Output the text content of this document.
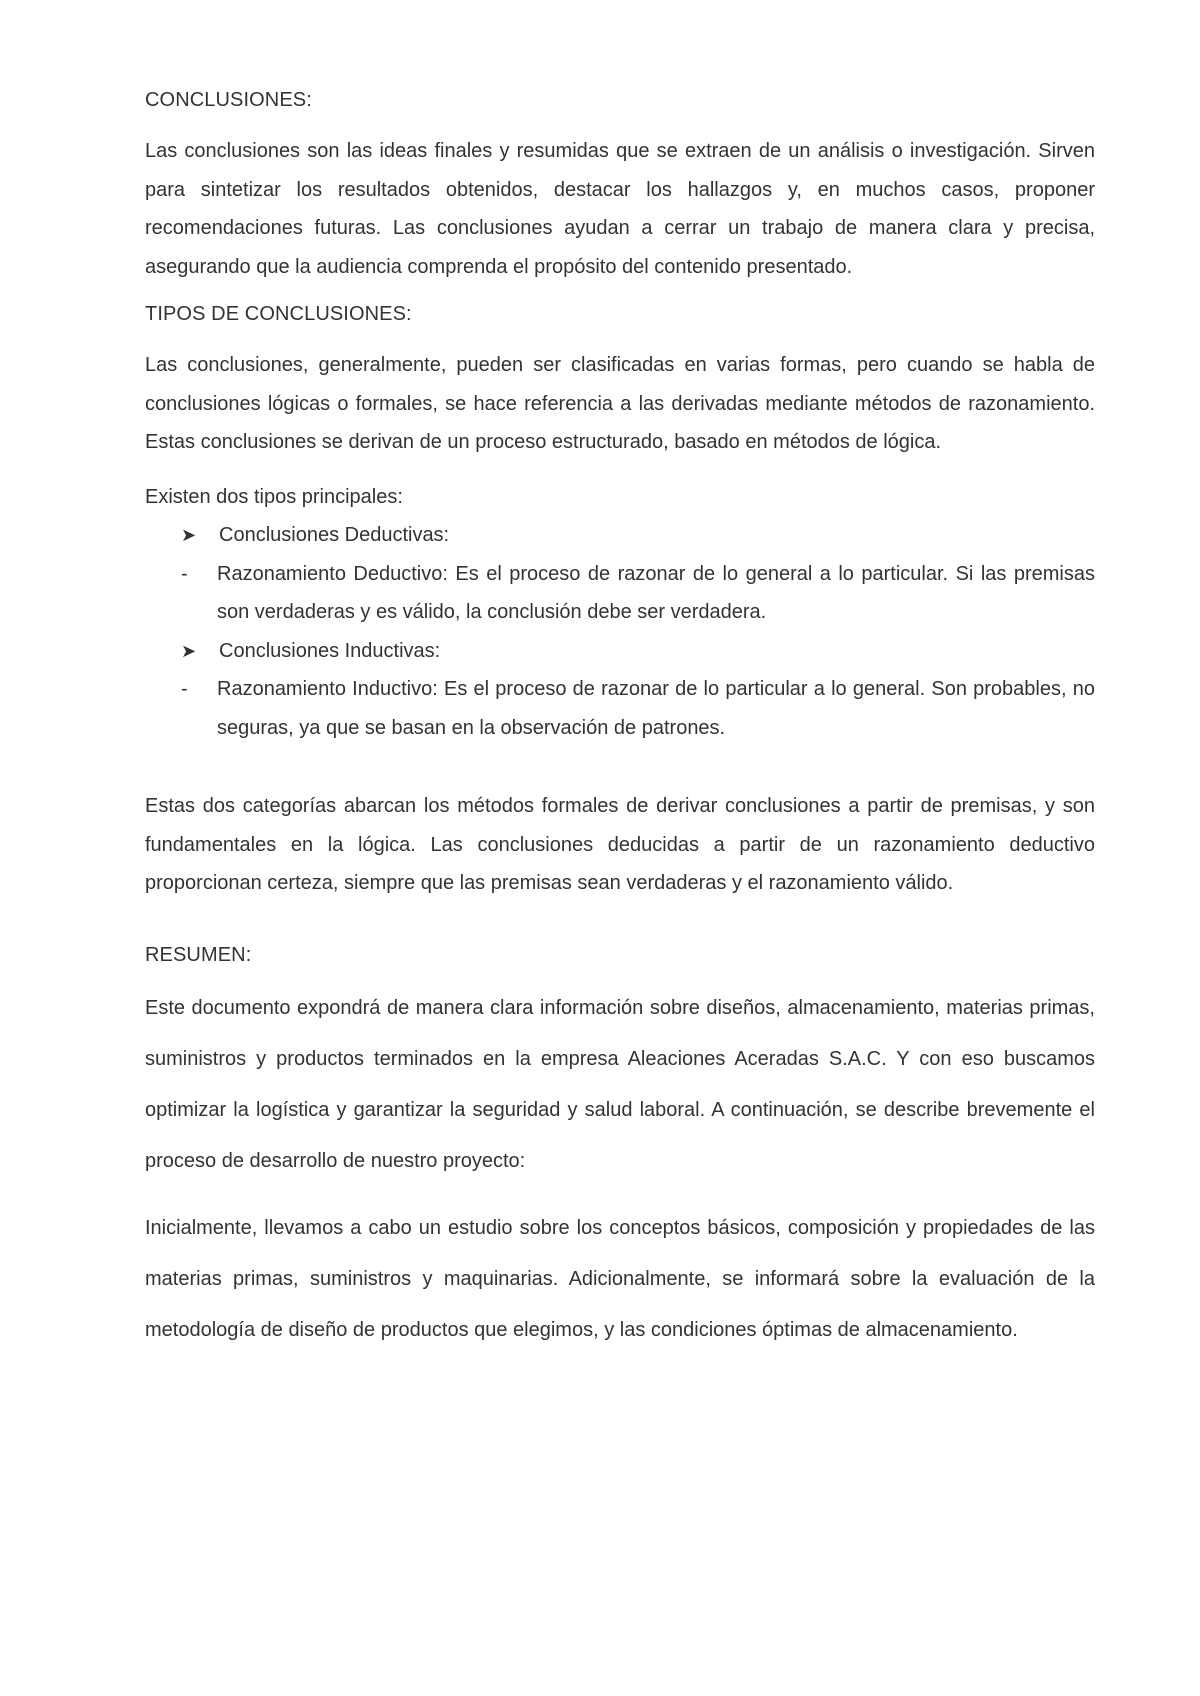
CONCLUSIONES:

Las conclusiones son las ideas finales y resumidas que se extraen de un análisis o investigación. Sirven para sintetizar los resultados obtenidos, destacar los hallazgos y, en muchos casos, proponer recomendaciones futuras. Las conclusiones ayudan a cerrar un trabajo de manera clara y precisa, asegurando que la audiencia comprenda el propósito del contenido presentado.

TIPOS DE CONCLUSIONES:

Las conclusiones, generalmente, pueden ser clasificadas en varias formas, pero cuando se habla de conclusiones lógicas o formales, se hace referencia a las derivadas mediante métodos de razonamiento. Estas conclusiones se derivan de un proceso estructurado, basado en métodos de lógica.

Existen dos tipos principales:

➤ Conclusiones Deductivas:
- Razonamiento Deductivo: Es el proceso de razonar de lo general a lo particular. Si las premisas son verdaderas y es válido, la conclusión debe ser verdadera.
➤ Conclusiones Inductivas:
- Razonamiento Inductivo: Es el proceso de razonar de lo particular a lo general. Son probables, no seguras, ya que se basan en la observación de patrones.

Estas dos categorías abarcan los métodos formales de derivar conclusiones a partir de premisas, y son fundamentales en la lógica. Las conclusiones deducidas a partir de un razonamiento deductivo proporcionan certeza, siempre que las premisas sean verdaderas y el razonamiento válido.

RESUMEN:

Este documento expondrá de manera clara información sobre diseños, almacenamiento, materias primas, suministros y productos terminados en la empresa Aleaciones Aceradas S.A.C. Y con eso buscamos optimizar la logística y garantizar la seguridad y salud laboral. A continuación, se describe brevemente el proceso de desarrollo de nuestro proyecto:

Inicialmente, llevamos a cabo un estudio sobre los conceptos básicos, composición y propiedades de las materias primas, suministros y maquinarias. Adicionalmente, se informará sobre la evaluación de la metodología de diseño de productos que elegimos, y las condiciones óptimas de almacenamiento.
